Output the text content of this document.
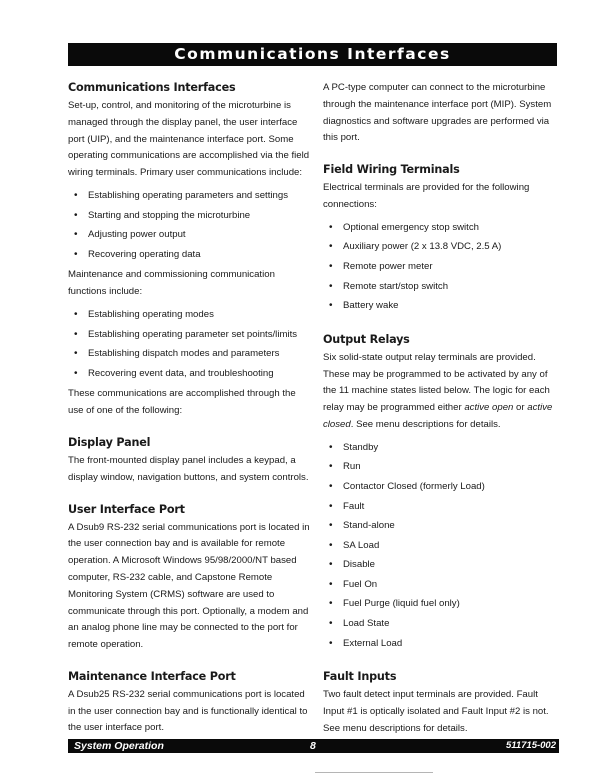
Communications Interfaces
Communications Interfaces

Set-up, control, and monitoring of the microturbine is managed through the display panel, the user interface port (UIP), and the maintenance interface port. Some operating communications are accomplished via the field wiring terminals. Primary user communications include:

• Establishing operating parameters and settings
• Starting and stopping the microturbine
• Adjusting power output
• Recovering operating data

Maintenance and commissioning communication functions include:

• Establishing operating modes
• Establishing operating parameter set points/limits
• Establishing dispatch modes and parameters
• Recovering event data, and troubleshooting

These communications are accomplished through the use of one of the following:

Display Panel

The front-mounted display panel includes a keypad, a display window, navigation buttons, and system controls.

User Interface Port

A Dsub9 RS-232 serial communications port is located in the user connection bay and is available for remote operation. A Microsoft Windows 95/98/2000/NT based computer, RS-232 cable, and Capstone Remote Monitoring System (CRMS) software are used to communicate through this port. Optionally, a modem and an analog phone line may be connected to the port for remote operation.

Maintenance Interface Port

A Dsub25 RS-232 serial communications port is located in the user connection bay and is functionally identical to the user interface port.

A PC-type computer can connect to the microturbine through the maintenance interface port (MIP). System diagnostics and software upgrades are performed via this port.

Field Wiring Terminals

Electrical terminals are provided for the following connections:

• Optional emergency stop switch
• Auxiliary power (2 x 13.8 VDC, 2.5 A)
• Remote power meter
• Remote start/stop switch
• Battery wake
Output Relays

Six solid-state output relay terminals are provided. These may be programmed to be activated by any of the 11 machine states listed below. The logic for each relay may be programmed either active open or active closed. See menu descriptions for details.

• Standby
• Run
• Contactor Closed (formerly Load)
• Fault
• Stand-alone
• SA Load
• Disable
• Fuel On
• Fuel Purge (liquid fuel only)
• Load State
• External Load
Fault Inputs

Two fault detect input terminals are provided. Fault Input #1 is optically isolated and Fault Input #2 is not. See menu descriptions for details.

System Operation	8	511715-002
